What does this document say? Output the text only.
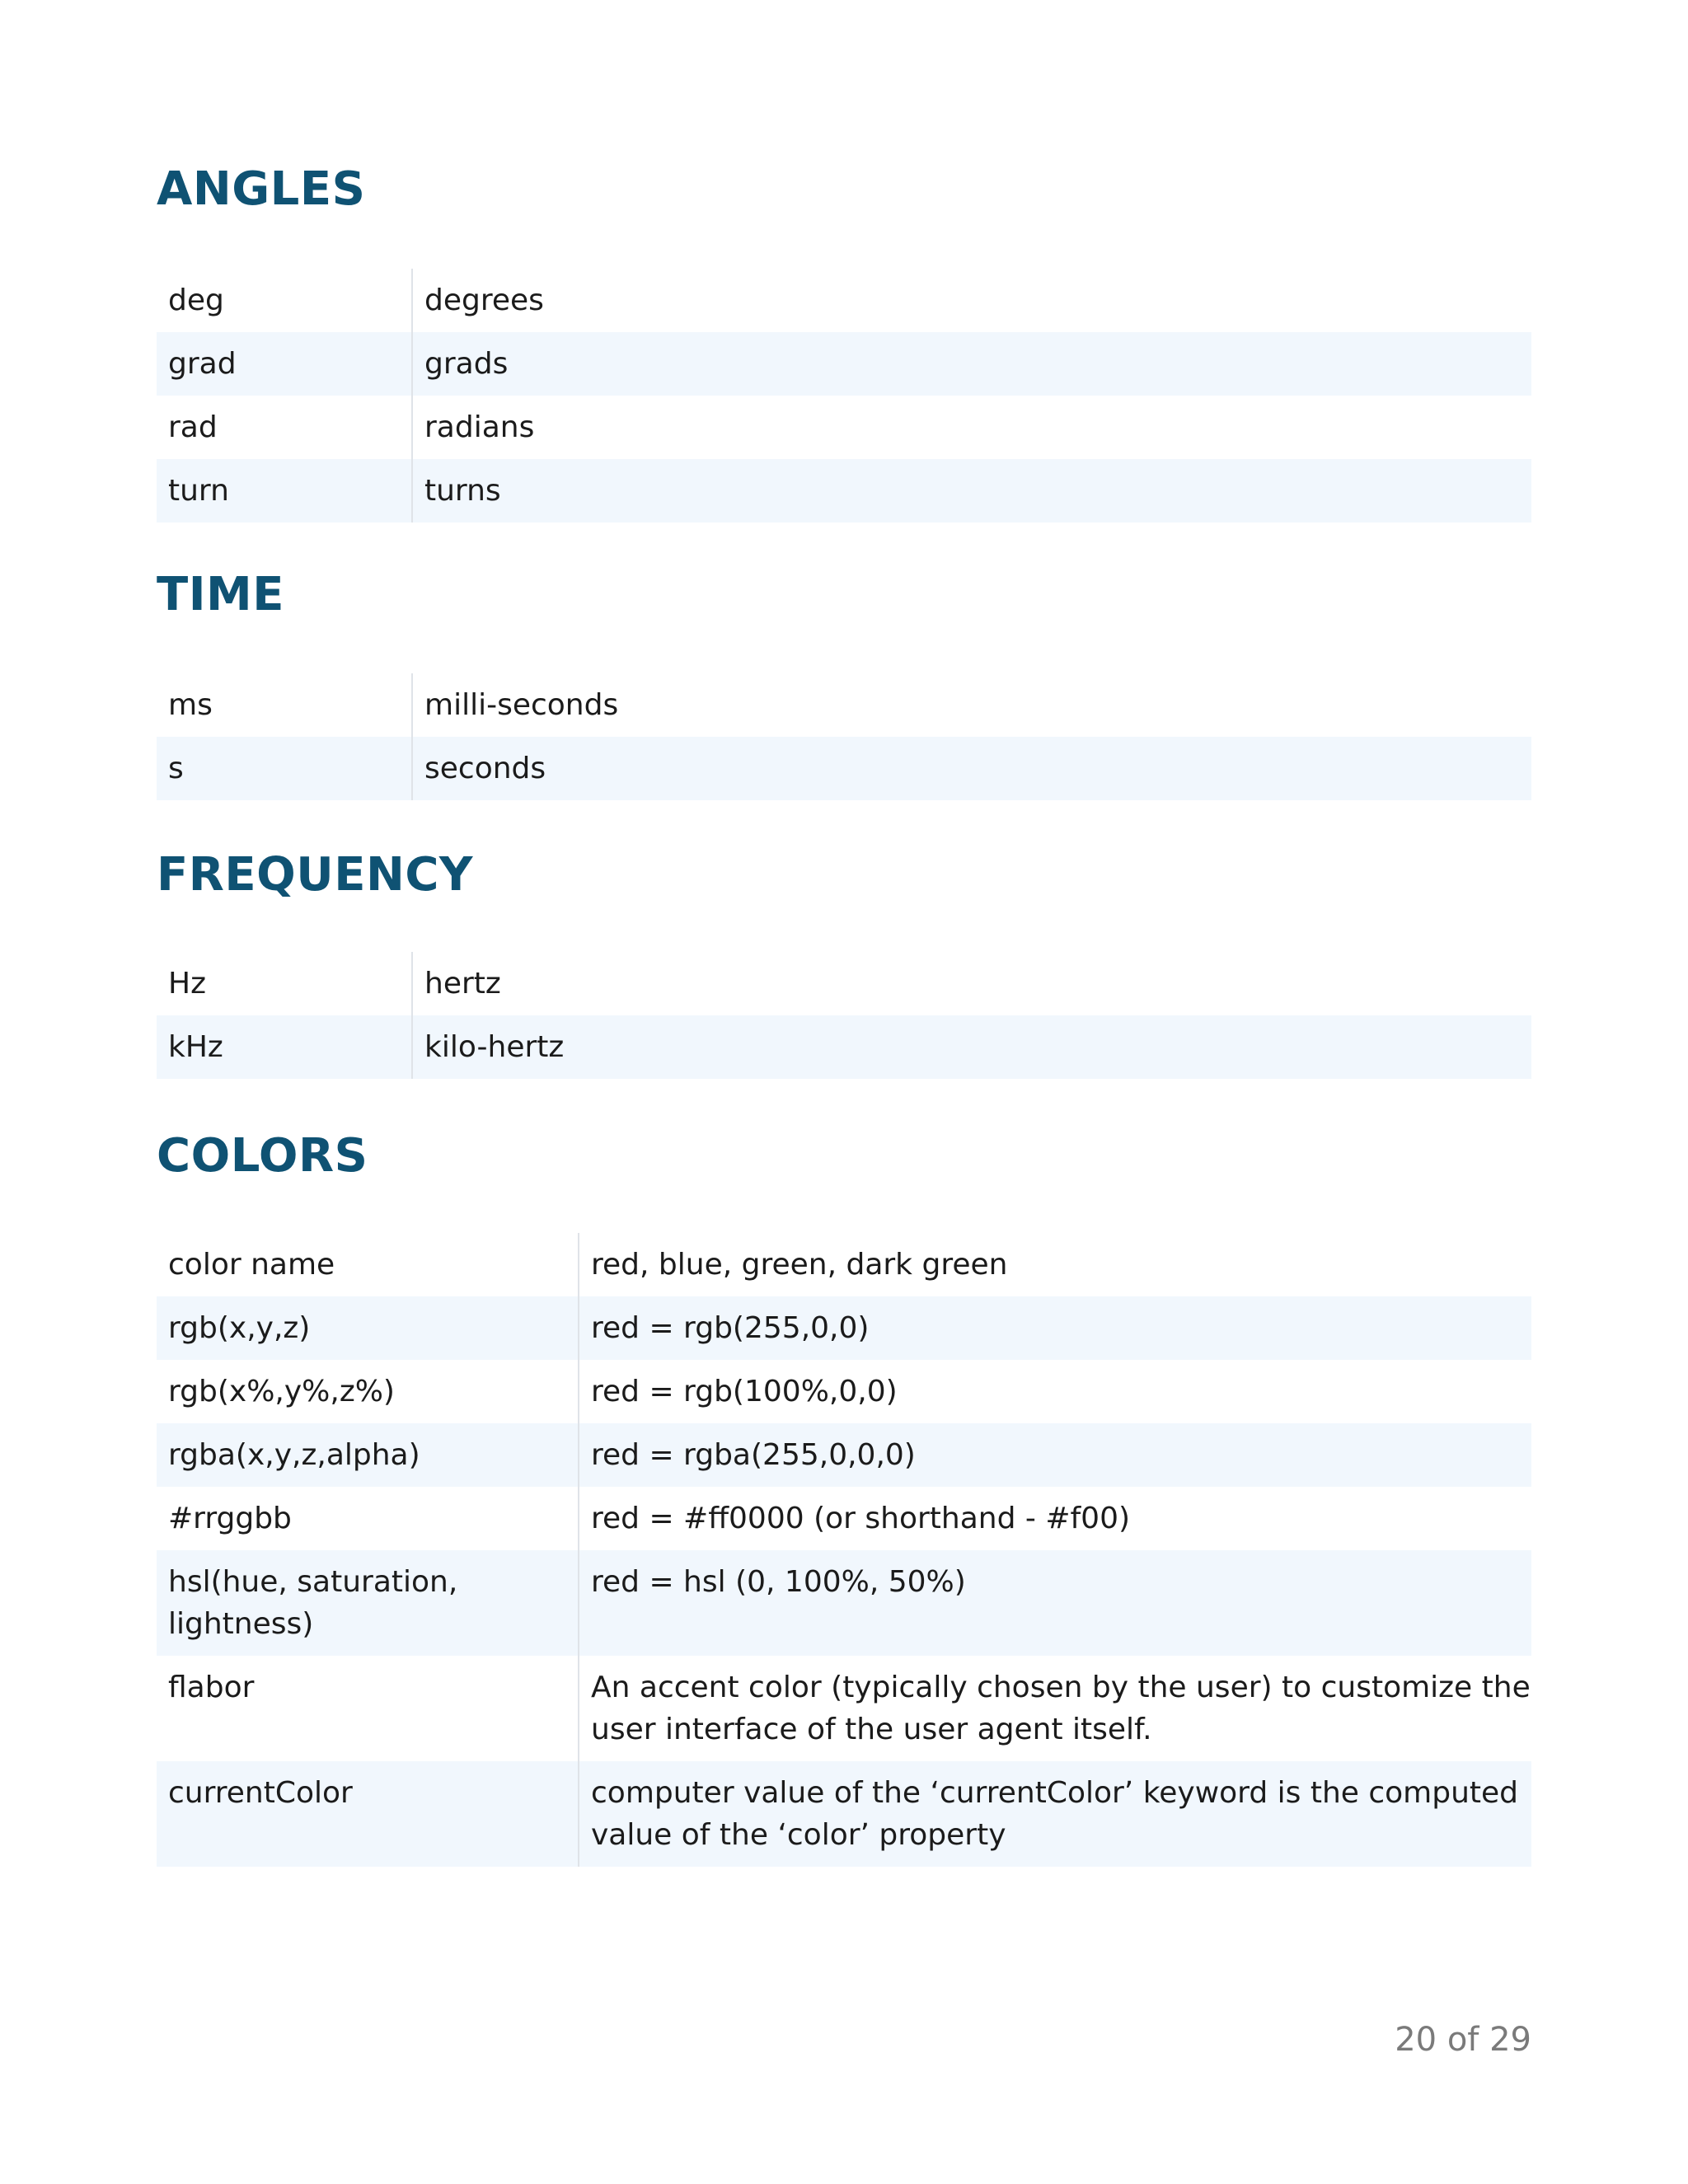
ANGLES
deg	degrees
grad	grads
rad	radians
turn	turns
TIME
ms	milli-seconds
s	seconds
FREQUENCY
Hz	hertz
kHz	kilo-hertz
COLORS
color name	red, blue, green, dark green
rgb(x,y,z)	red = rgb(255,0,0)
rgb(x%,y%,z%)	red = rgb(100%,0,0)
rgba(x,y,z,alpha)	red = rgba(255,0,0,0)
#rrggbb	red = #ff0000 (or shorthand - #f00)
hsl(hue, saturation, lightness)	red = hsl (0, 100%, 50%)
flabor	An accent color (typically chosen by the user) to customize the user interface of the user agent itself.
currentColor	computer value of the ‘currentColor’ keyword is the computed value of the ‘color’ property
20 of 29
